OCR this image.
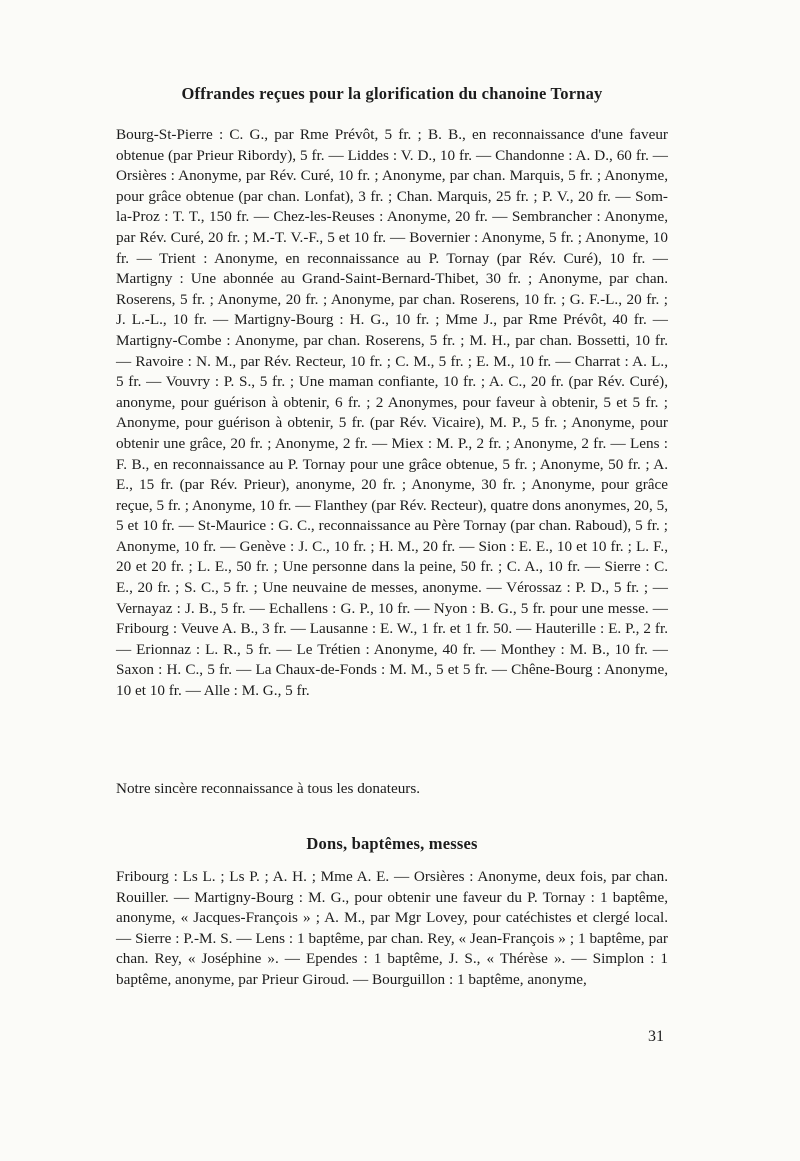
Offrandes reçues pour la glorification du chanoine Tornay

Bourg-St-Pierre : C. G., par Rme Prévôt, 5 fr. ; B. B., en reconnaissance d'une faveur obtenue (par Prieur Ribordy), 5 fr. — Liddes : V. D., 10 fr. — Chandonne : A. D., 60 fr. — Orsières : Anonyme, par Rév. Curé, 10 fr. ; Anonyme, par chan. Marquis, 5 fr. ; Anonyme, pour grâce obtenue (par chan. Lonfat), 3 fr. ; Chan. Marquis, 25 fr. ; P. V., 20 fr. — Som-la-Proz : T. T., 150 fr. — Chez-les-Reuses : Anonyme, 20 fr. — Sembrancher : Anonyme, par Rév. Curé, 20 fr. ; M.-T. V.-F., 5 et 10 fr. — Bovernier : Anonyme, 5 fr. ; Anonyme, 10 fr. — Trient : Anonyme, en reconnaissance au P. Tornay (par Rév. Curé), 10 fr. — Martigny : Une abonnée au Grand-Saint-Bernard-Thibet, 30 fr. ; Anonyme, par chan. Roserens, 5 fr. ; Anonyme, 20 fr. ; Anonyme, par chan. Roserens, 10 fr. ; G. F.-L., 20 fr. ; J. L.-L., 10 fr. — Martigny-Bourg : H. G., 10 fr. ; Mme J., par Rme Prévôt, 40 fr. — Martigny-Combe : Anonyme, par chan. Roserens, 5 fr. ; M. H., par chan. Bossetti, 10 fr. — Ravoire : N. M., par Rév. Recteur, 10 fr. ; C. M., 5 fr. ; E. M., 10 fr. — Charrat : A. L., 5 fr. — Vouvry : P. S., 5 fr. ; Une maman confiante, 10 fr. ; A. C., 20 fr. (par Rév. Curé), anonyme, pour guérison à obtenir, 6 fr. ; 2 Anonymes, pour faveur à obtenir, 5 et 5 fr. ; Anonyme, pour guérison à obtenir, 5 fr. (par Rév. Vicaire), M. P., 5 fr. ; Anonyme, pour obtenir une grâce, 20 fr. ; Anonyme, 2 fr. — Miex : M. P., 2 fr. ; Anonyme, 2 fr. — Lens : F. B., en reconnaissance au P. Tornay pour une grâce obtenue, 5 fr. ; Anonyme, 50 fr. ; A. E., 15 fr. (par Rév. Prieur), anonyme, 20 fr. ; Anonyme, 30 fr. ; Anonyme, pour grâce reçue, 5 fr. ; Anonyme, 10 fr. — Flanthey (par Rév. Recteur), quatre dons anonymes, 20, 5, 5 et 10 fr. — St-Maurice : G. C., reconnaissance au Père Tornay (par chan. Raboud), 5 fr. ; Anonyme, 10 fr. — Genève : J. C., 10 fr. ; H. M., 20 fr. — Sion : E. E., 10 et 10 fr. ; L. F., 20 et 20 fr. ; L. E., 50 fr. ; Une personne dans la peine, 50 fr. ; C. A., 10 fr. — Sierre : C. E., 20 fr. ; S. C., 5 fr. ; Une neuvaine de messes, anonyme. — Vérossaz : P. D., 5 fr. ; — Vernayaz : J. B., 5 fr. — Echallens : G. P., 10 fr. — Nyon : B. G., 5 fr. pour une messe. — Fribourg : Veuve A. B., 3 fr. — Lausanne : E. W., 1 fr. et 1 fr. 50. — Hauterille : E. P., 2 fr. — Erionnaz : L. R., 5 fr. — Le Trétien : Anonyme, 40 fr. — Monthey : M. B., 10 fr. — Saxon : H. C., 5 fr. — La Chaux-de-Fonds : M. M., 5 et 5 fr. — Chêne-Bourg : Anonyme, 10 et 10 fr. — Alle : M. G., 5 fr.

Notre sincère reconnaissance à tous les donateurs.

Dons, baptêmes, messes

Fribourg : Ls L. ; Ls P. ; A. H. ; Mme A. E. — Orsières : Anonyme, deux fois, par chan. Rouiller. — Martigny-Bourg : M. G., pour obtenir une faveur du P. Tornay : 1 baptême, anonyme, « Jacques-François » ; A. M., par Mgr Lovey, pour catéchistes et clergé local. — Sierre : P.-M. S. — Lens : 1 baptême, par chan. Rey, « Jean-François » ; 1 baptême, par chan. Rey, « Joséphine ». — Ependes : 1 baptême, J. S., « Thérèse ». — Simplon : 1 baptême, anonyme, par Prieur Giroud. — Bourguillon : 1 baptême, anonyme,

31
